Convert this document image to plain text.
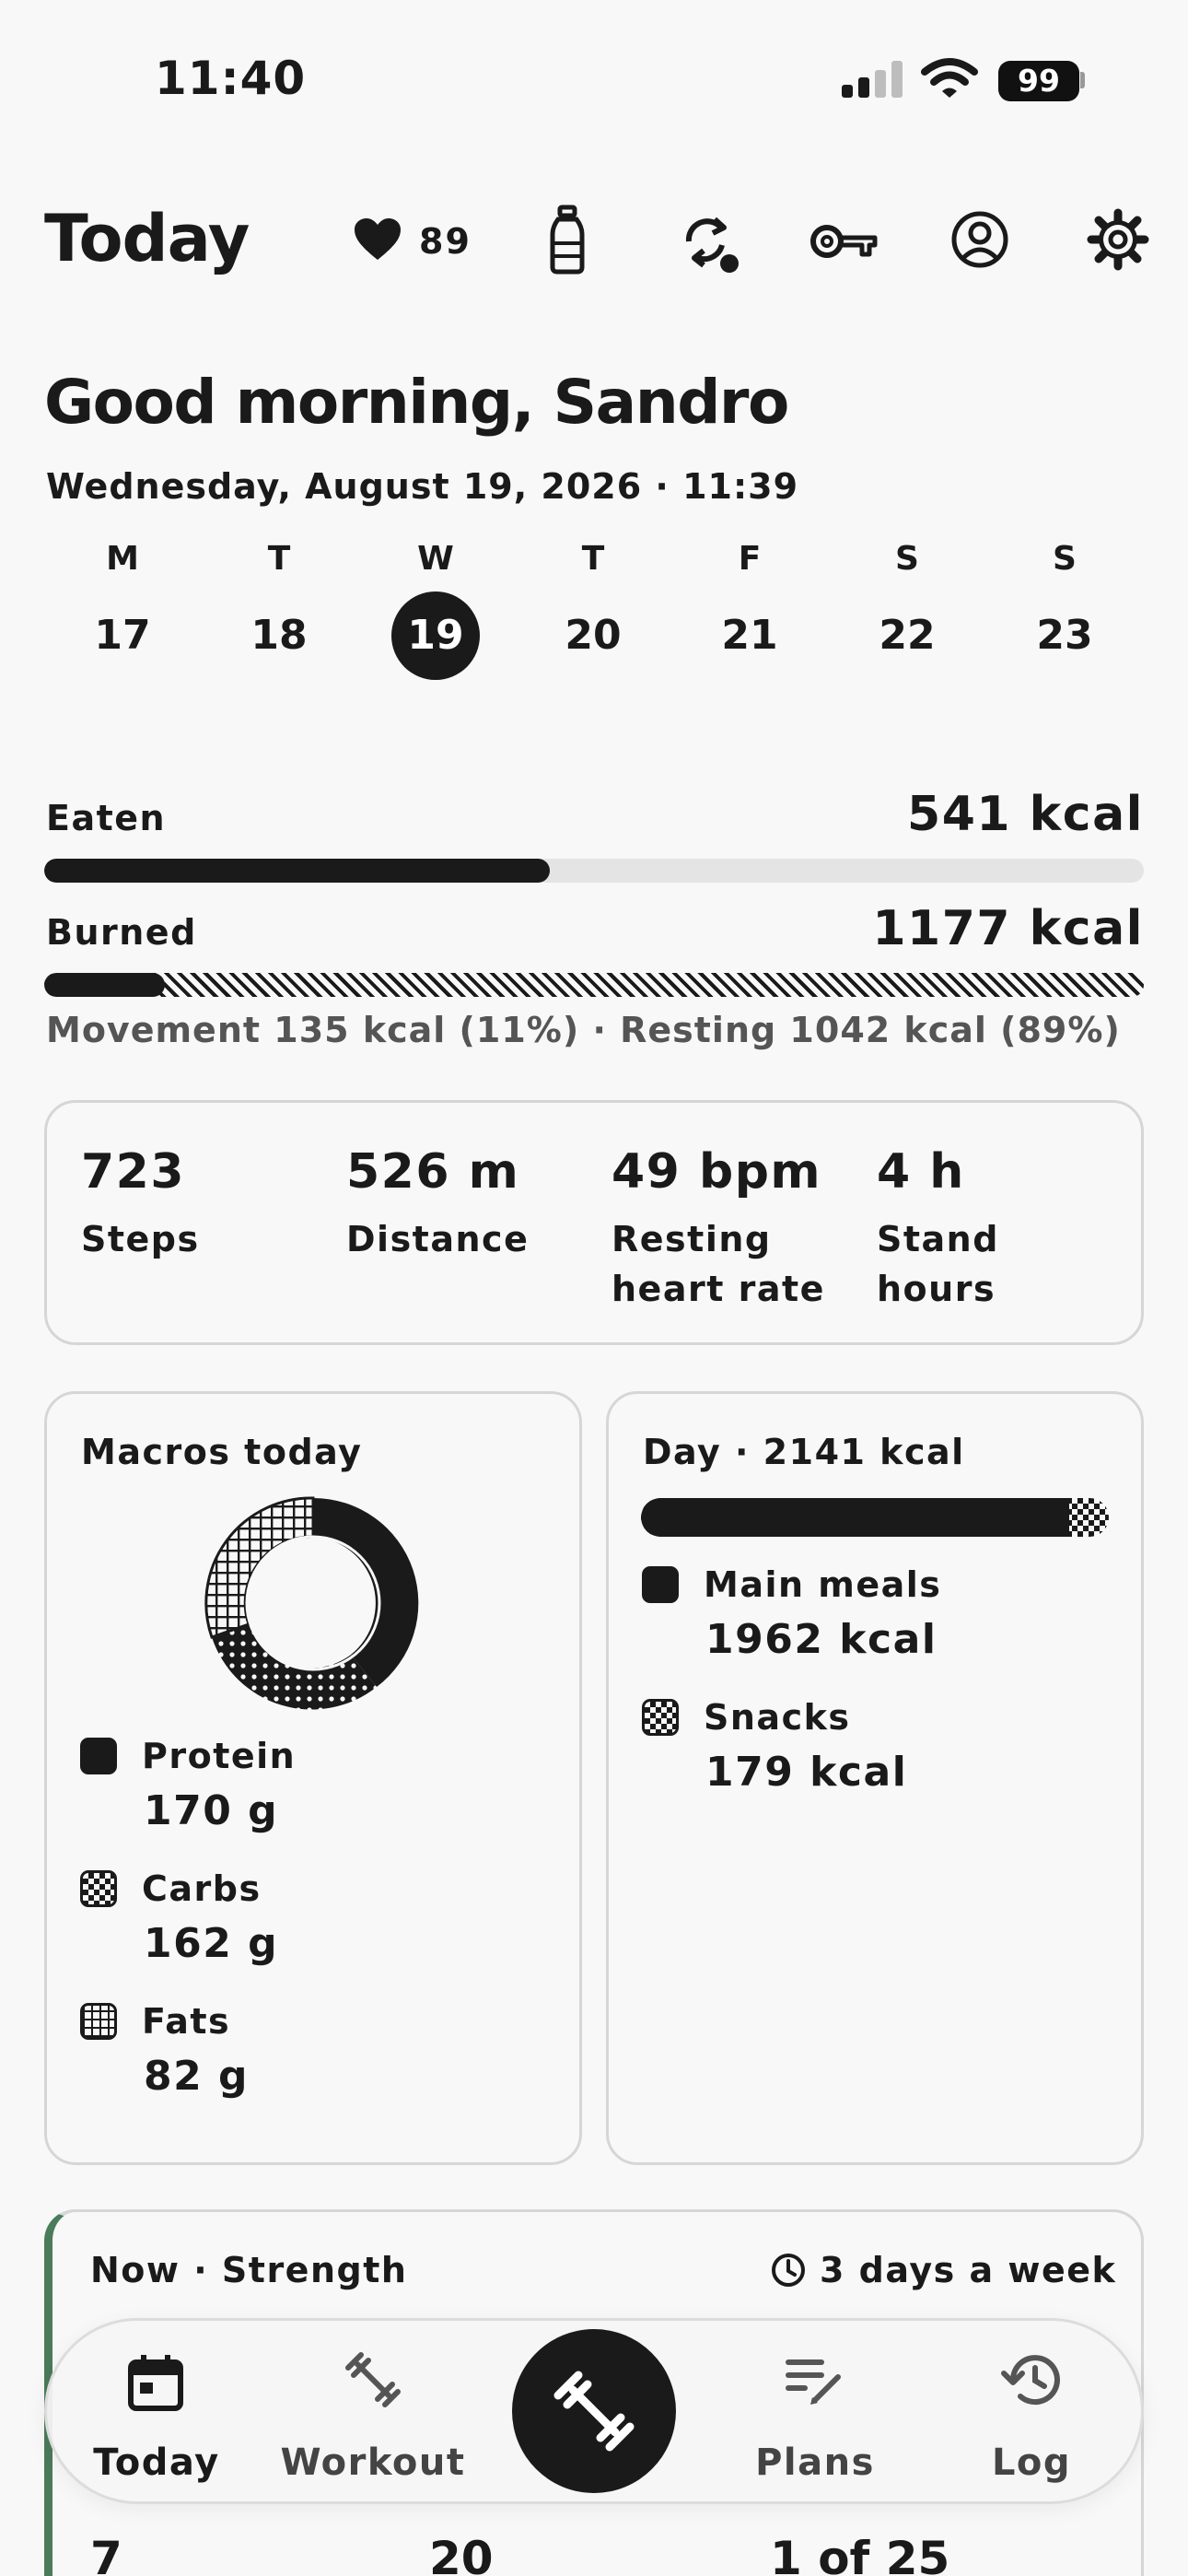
11:40	99
Today	89
Good morning, Sandro
Wednesday, August 19, 2026 · 11:39
M	T	W	T	F	S	S
17	18	19	20	21	22	23
Eaten	541 kcal
Burned	1177 kcal
Movement 135 kcal (11%) · Resting 1042 kcal (89%)
723
Steps
526 m
Distance
49 bpm
Resting heart rate
4 h
Stand hours
Macros today
Protein
170 g
Carbs
162 g
Fats
82 g
Day · 2141 kcal
Main meals
1962 kcal
Snacks
179 kcal
Now · Strength	3 days a week
7	20	1 of 25
Today	Workout	Plans	Log
